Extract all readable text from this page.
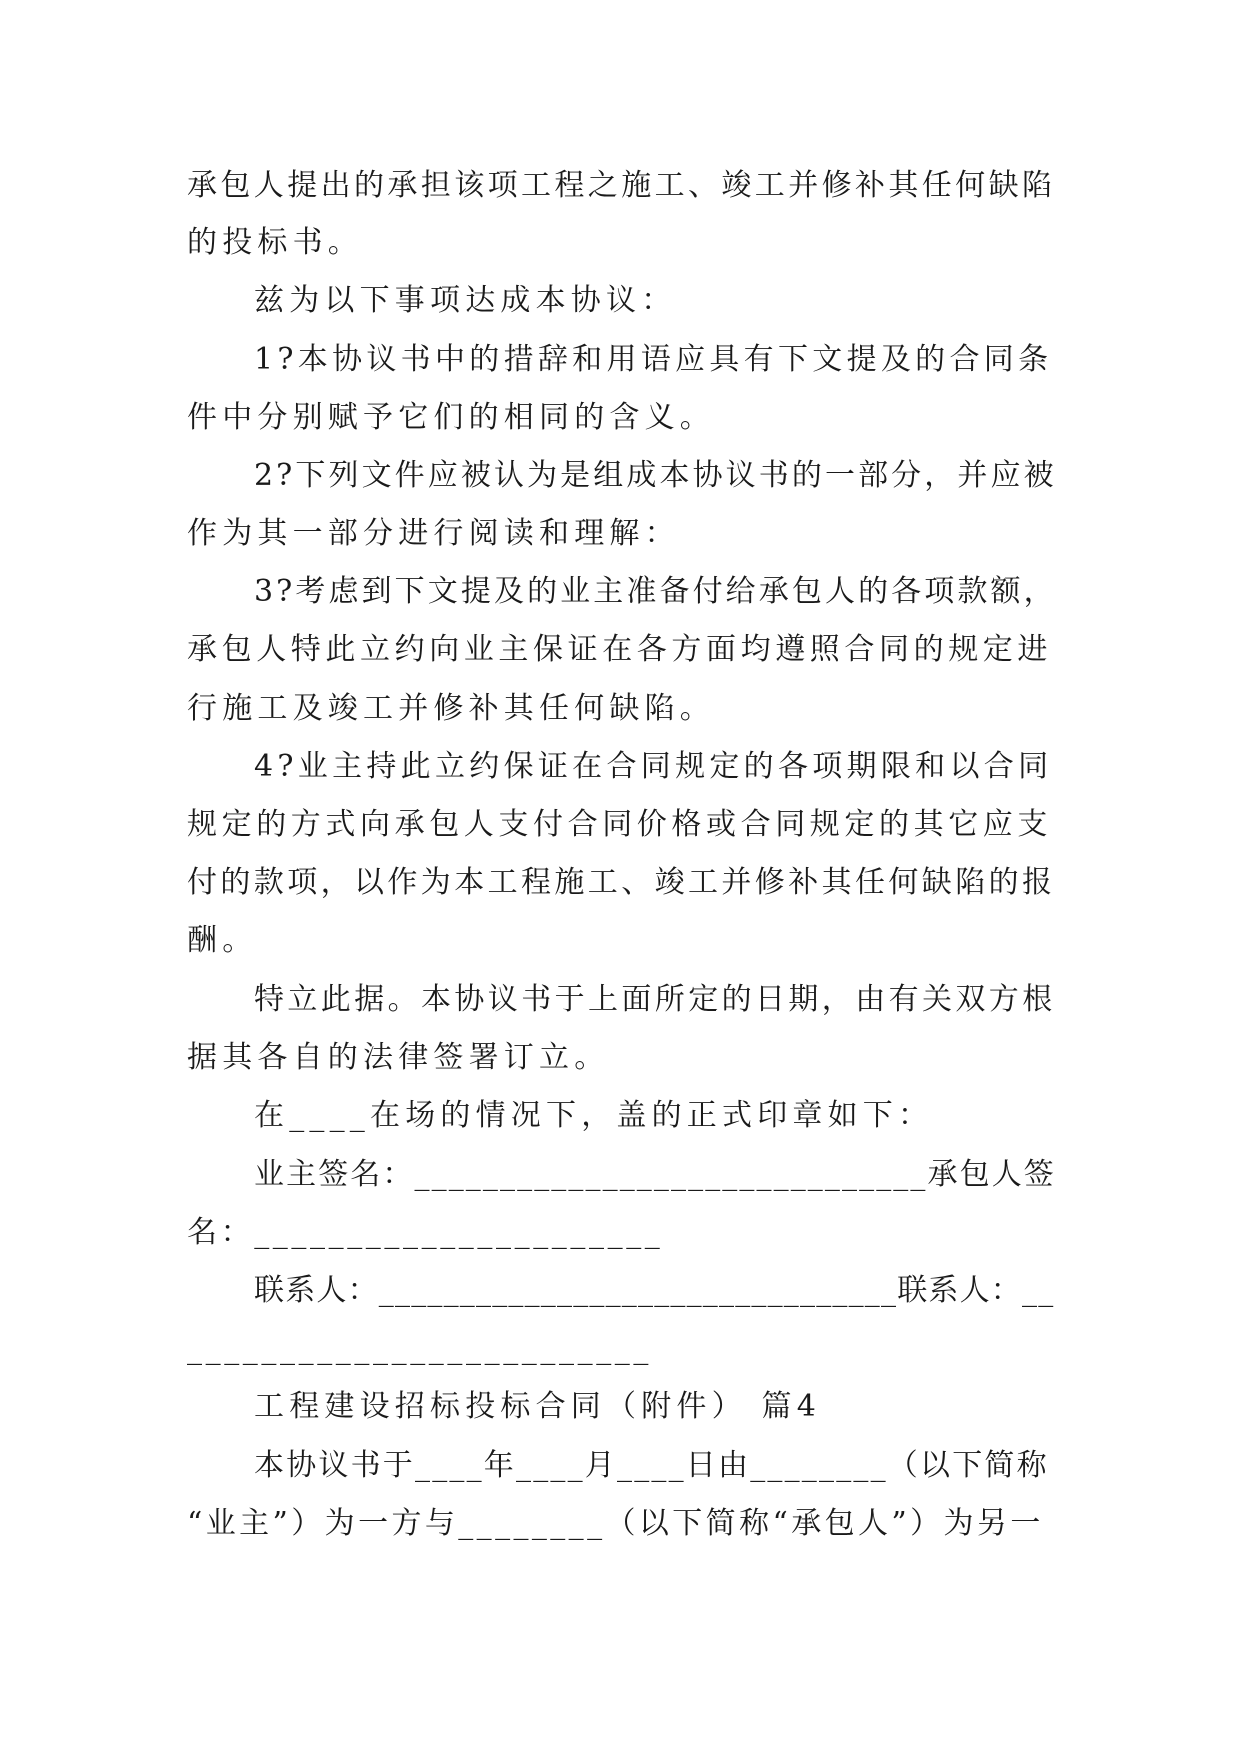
承包人提出的承担该项工程之施工、竣工并修补其任何缺陷
的投标书。
兹为以下事项达成本协议：
1?本协议书中的措辞和用语应具有下文提及的合同条
件中分别赋予它们的相同的含义。
2?下列文件应被认为是组成本协议书的一部分，并应被
作为其一部分进行阅读和理解：
3?考虑到下文提及的业主准备付给承包人的各项款额，
承包人特此立约向业主保证在各方面均遵照合同的规定进
行施工及竣工并修补其任何缺陷。
4?业主持此立约保证在合同规定的各项期限和以合同
规定的方式向承包人支付合同价格或合同规定的其它应支
付的款项，以作为本工程施工、竣工并修补其任何缺陷的报
酬。
特立此据。本协议书于上面所定的日期，由有关双方根
据其各自的法律签署订立。
在____在场的情况下，盖的正式印章如下：
业主签名：______________________________承包人签
名：______________________
联系人：________________________________联系人：__
_________________________
工程建设招标投标合同（附件） 篇4
本协议书于____年____月____日由________（以下简称
“业主”）为一方与________（以下简称“承包人”）为另一
